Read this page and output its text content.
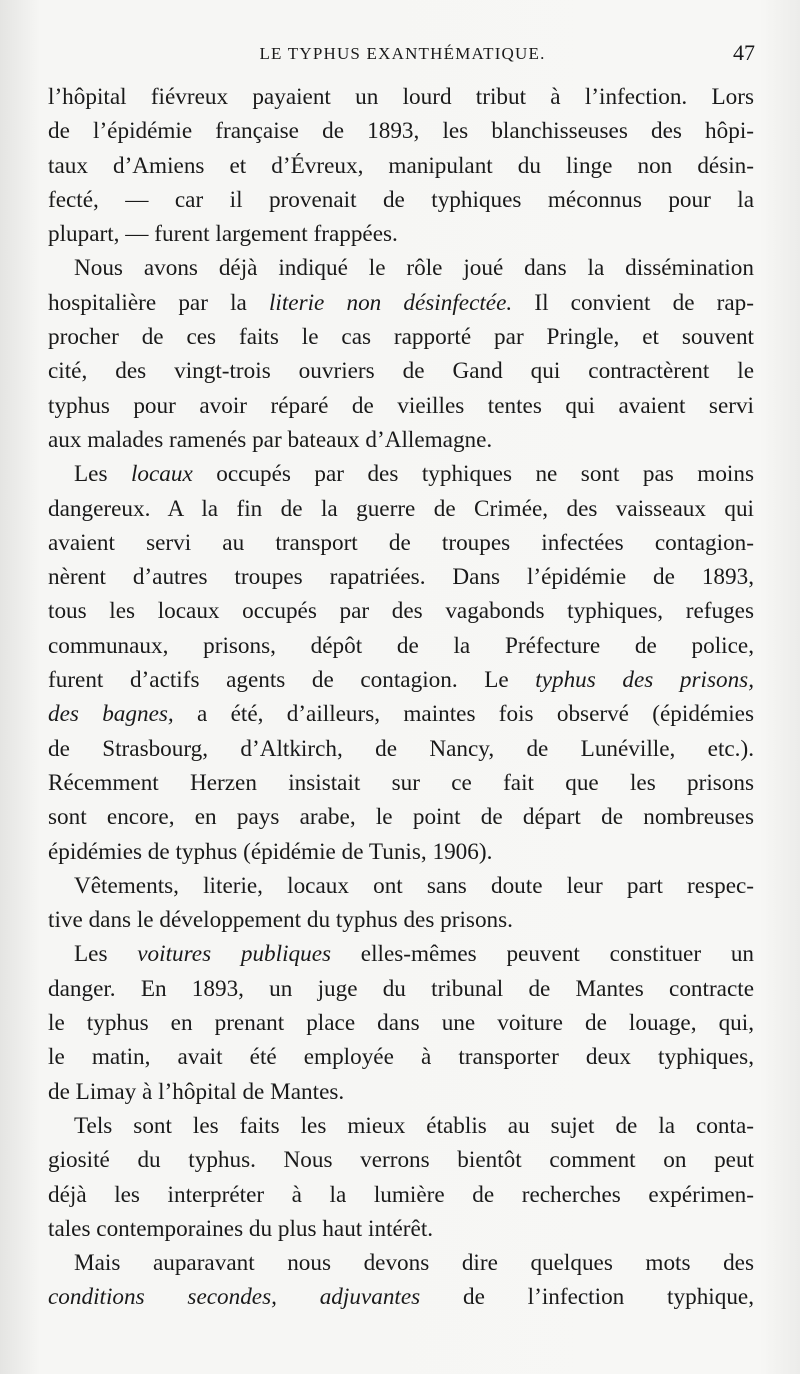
LE TYPHUS EXANTHÉMATIQUE.	47
l’hôpital fiévreux payaient un lourd tribut à l’infection. Lors
de l’épidémie française de 1893, les blanchisseuses des hôpi-
taux d’Amiens et d’Évreux, manipulant du linge non désin-
fecté, — car il provenait de typhiques méconnus pour la
plupart, — furent largement frappées.
Nous avons déjà indiqué le rôle joué dans la dissémination
hospitalière par la literie non désinfectée. Il convient de rap-
procher de ces faits le cas rapporté par Pringle, et souvent
cité, des vingt-trois ouvriers de Gand qui contractèrent le
typhus pour avoir réparé de vieilles tentes qui avaient servi
aux malades ramenés par bateaux d’Allemagne.
Les locaux occupés par des typhiques ne sont pas moins
dangereux. A la fin de la guerre de Crimée, des vaisseaux qui
avaient servi au transport de troupes infectées contagion-
nèrent d’autres troupes rapatriées. Dans l’épidémie de 1893,
tous les locaux occupés par des vagabonds typhiques, refuges
communaux, prisons, dépôt de la Préfecture de police,
furent d’actifs agents de contagion. Le typhus des prisons,
des bagnes, a été, d’ailleurs, maintes fois observé (épidémies
de Strasbourg, d’Altkirch, de Nancy, de Lunéville, etc.).
Récemment Herzen insistait sur ce fait que les prisons
sont encore, en pays arabe, le point de départ de nombreuses
épidémies de typhus (épidémie de Tunis, 1906).
Vêtements, literie, locaux ont sans doute leur part respec-
tive dans le développement du typhus des prisons.
Les voitures publiques elles-mêmes peuvent constituer un
danger. En 1893, un juge du tribunal de Mantes contracte
le typhus en prenant place dans une voiture de louage, qui,
le matin, avait été employée à transporter deux typhiques,
de Limay à l’hôpital de Mantes.
Tels sont les faits les mieux établis au sujet de la conta-
giosité du typhus. Nous verrons bientôt comment on peut
déjà les interpréter à la lumière de recherches expérimen-
tales contemporaines du plus haut intérêt.
Mais auparavant nous devons dire quelques mots des
conditions secondes, adjuvantes de l’infection typhique,
